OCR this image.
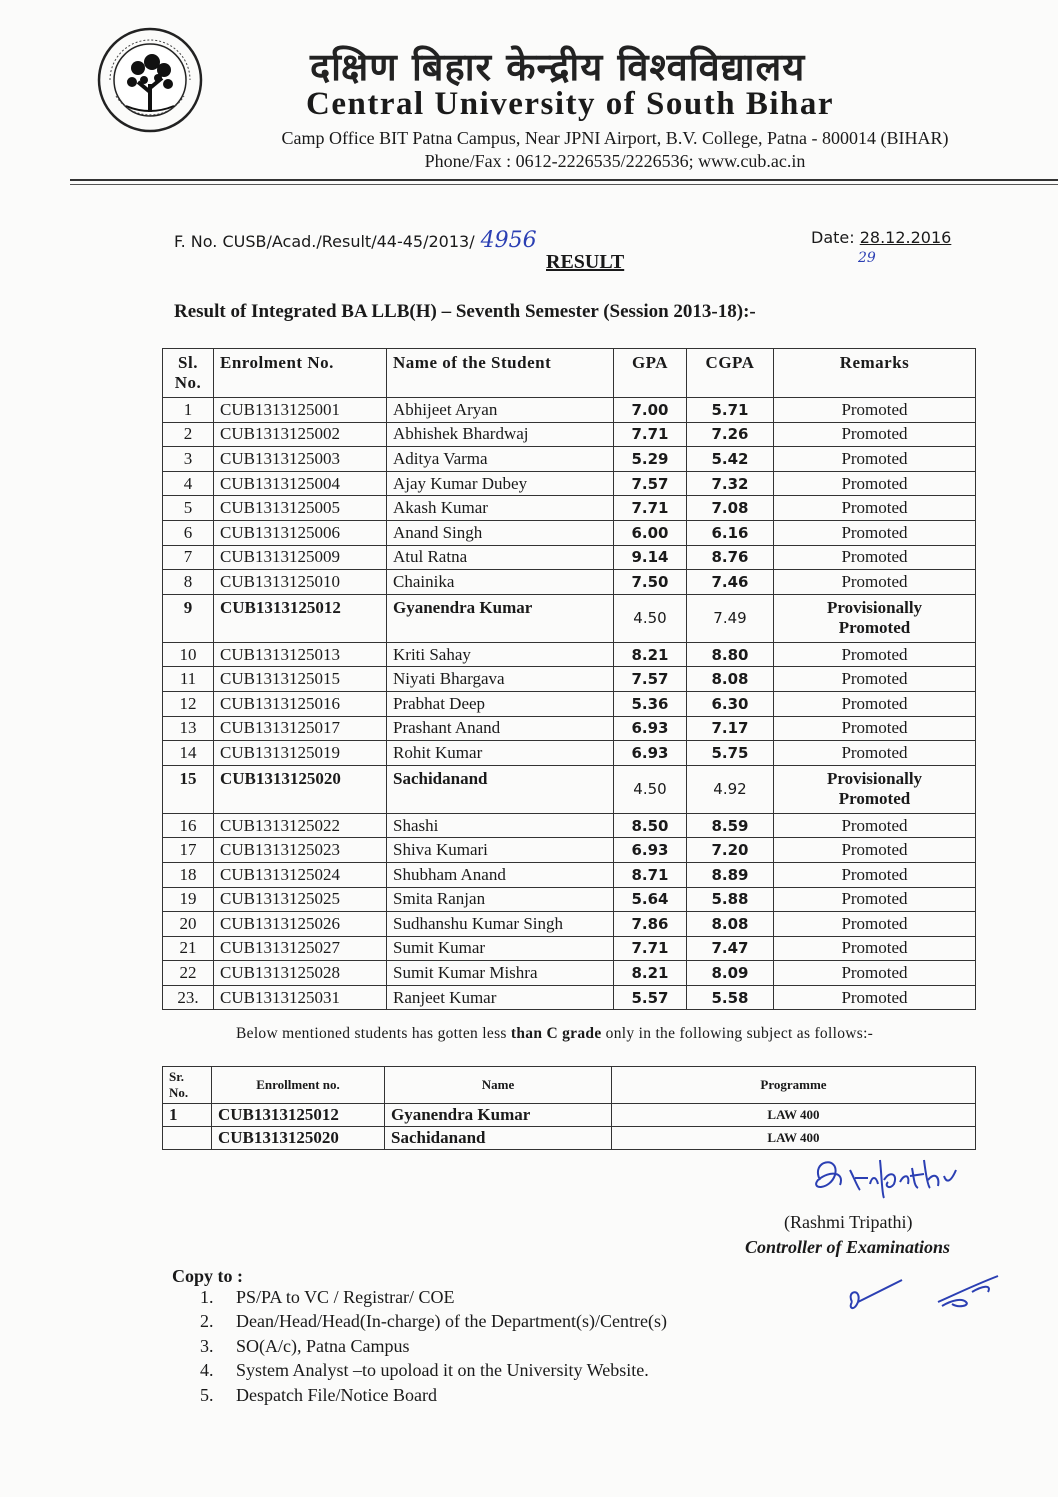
दक्षिण बिहार केन्द्रीय विश्वविद्यालय
Central University of South Bihar
Camp Office BIT Patna Campus, Near JPNI Airport, B.V. College, Patna - 800014 (BIHAR)
Phone/Fax : 0612-2226535/2226536; www.cub.ac.in
F. No. CUSB/Acad./Result/44-45/2013/ 4956	Date: 28.12.2016
29
RESULT
Result of Integrated BA LLB(H) – Seventh Semester (Session 2013-18):-
Sl.
No.	Enrolment No.	Name of the Student	GPA	CGPA	Remarks
1	CUB1313125001	Abhijeet Aryan	7.00	5.71	Promoted
2	CUB1313125002	Abhishek Bhardwaj	7.71	7.26	Promoted
3	CUB1313125003	Aditya Varma	5.29	5.42	Promoted
4	CUB1313125004	Ajay Kumar Dubey	7.57	7.32	Promoted
5	CUB1313125005	Akash Kumar	7.71	7.08	Promoted
6	CUB1313125006	Anand Singh	6.00	6.16	Promoted
7	CUB1313125009	Atul Ratna	9.14	8.76	Promoted
8	CUB1313125010	Chainika	7.50	7.46	Promoted
9	CUB1313125012	Gyanendra Kumar	4.50	7.49	Provisionally
Promoted
10	CUB1313125013	Kriti Sahay	8.21	8.80	Promoted
11	CUB1313125015	Niyati Bhargava	7.57	8.08	Promoted
12	CUB1313125016	Prabhat Deep	5.36	6.30	Promoted
13	CUB1313125017	Prashant Anand	6.93	7.17	Promoted
14	CUB1313125019	Rohit Kumar	6.93	5.75	Promoted
15	CUB1313125020	Sachidanand	4.50	4.92	Provisionally
Promoted
16	CUB1313125022	Shashi	8.50	8.59	Promoted
17	CUB1313125023	Shiva Kumari	6.93	7.20	Promoted
18	CUB1313125024	Shubham Anand	8.71	8.89	Promoted
19	CUB1313125025	Smita Ranjan	5.64	5.88	Promoted
20	CUB1313125026	Sudhanshu Kumar Singh	7.86	8.08	Promoted
21	CUB1313125027	Sumit Kumar	7.71	7.47	Promoted
22	CUB1313125028	Sumit Kumar Mishra	8.21	8.09	Promoted
23.	CUB1313125031	Ranjeet Kumar	5.57	5.58	Promoted
Below mentioned students has gotten less than C grade only in the following subject as follows:-
Sr.
No.	Enrollment no.	Name	Programme
1	CUB1313125012	Gyanendra Kumar	LAW 400
	CUB1313125020	Sachidanand	LAW 400
(Rashmi Tripathi)
Controller of Examinations
Copy to :
1. PS/PA to VC / Registrar/ COE
2. Dean/Head/Head(In-charge) of the Department(s)/Centre(s)
3. SO(A/c), Patna Campus
4. System Analyst –to upoload it on the University Website.
5. Despatch File/Notice Board
